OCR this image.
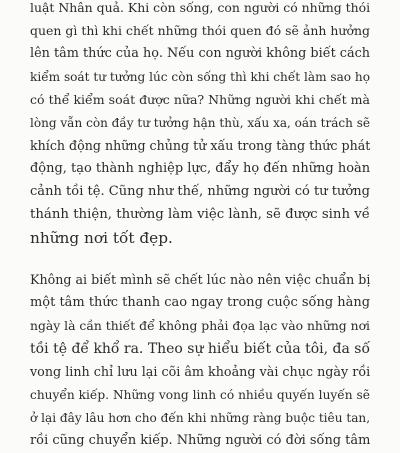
luật Nhân quả. Khi còn sống, con người có những thói

quen gì thì khi chết những thói quen đó sẽ ảnh hưởng

lên tâm thức của họ. Nếu con người không biết cách

kiểm soát tư tưởng lúc còn sống thì khi chết làm sao họ

có thể kiểm soát được nữa? Những người khi chết mà

lòng vẫn còn đầy tư tưởng hận thù, xấu xa, oán trách sẽ

khích động những chủng tử xấu trong tàng thức phát

động, tạo thành nghiệp lực, đẩy họ đến những hoàn

cảnh tồi tệ. Cũng như thế, những người có tư tưởng

thánh thiện, thường làm việc lành, sẽ được sinh về

những nơi tốt đẹp.

Không ai biết mình sẽ chết lúc nào nên việc chuẩn bị

một tâm thức thanh cao ngay trong cuộc sống hàng

ngày là cần thiết để không phải đọa lạc vào những nơi

tồi tệ để khổ ra. Theo sự hiểu biết của tôi, đa số

vong linh chỉ lưu lại cõi âm khoảng vài chục ngày rồi

chuyển kiếp. Những vong linh có nhiều quyến luyến sẽ

ở lại đây lâu hơn cho đến khi những ràng buộc tiêu tan,

rồi cũng chuyển kiếp. Những người có đời sống tâm
